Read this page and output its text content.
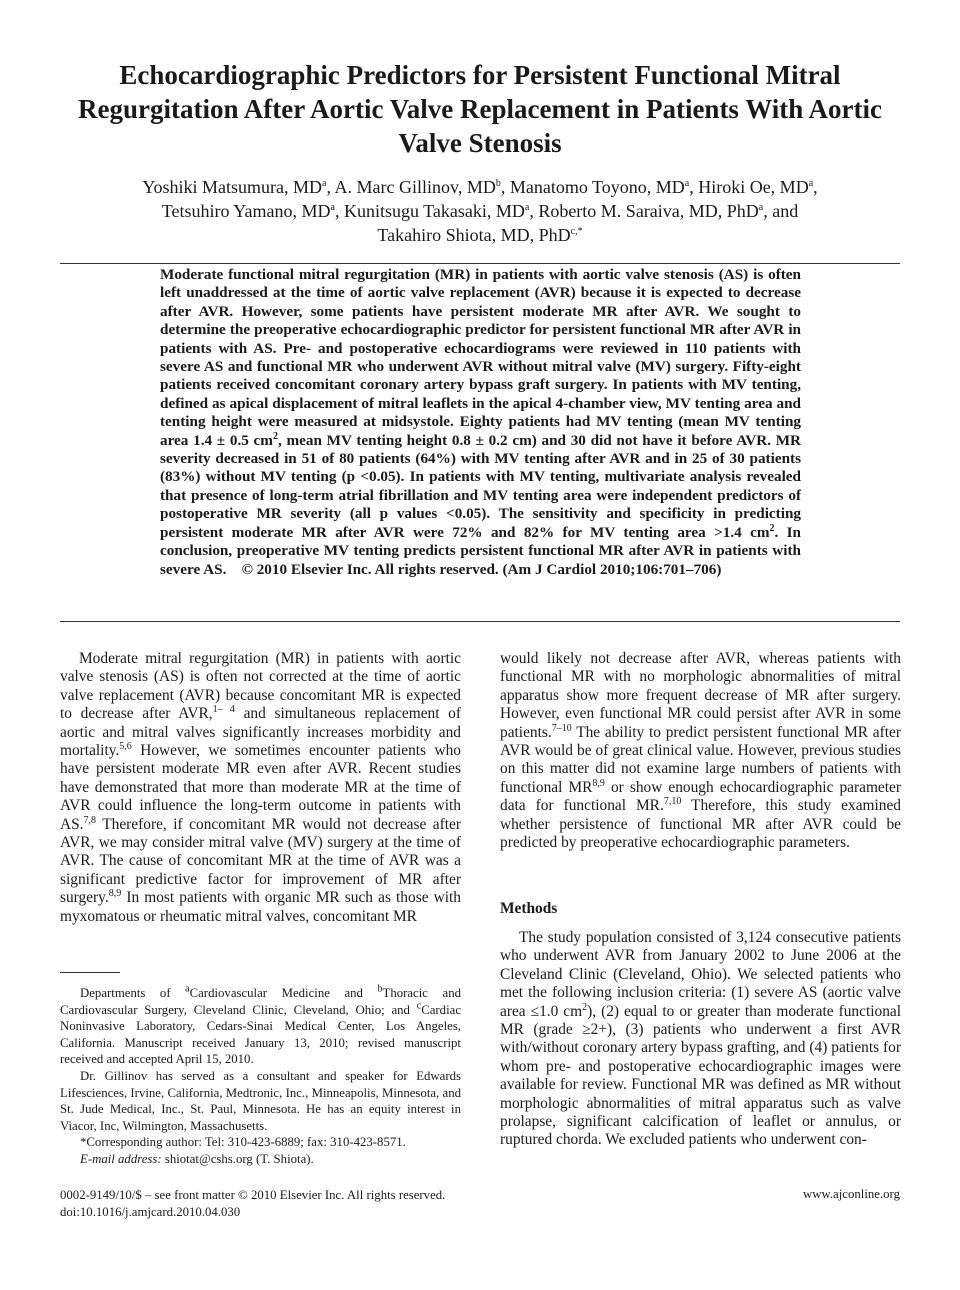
Echocardiographic Predictors for Persistent Functional Mitral Regurgitation After Aortic Valve Replacement in Patients With Aortic Valve Stenosis

Yoshiki Matsumura, $MD^a$, A. Marc Gillinov, $MD^b$, Manatomo Toyono, $MD^a$, Hiroki Oe, $MD^a$,
Tetsuhiro Yamano, $MD^a$, Kunitsugu Takasaki, $MD^a$, Roberto M. Saraiva, MD, PhD$^a$, and
Takahiro Shiota, MD, PhD$^{c,*}$

Moderate functional mitral regurgitation (MR) in patients with aortic valve stenosis (AS) is often left unaddressed at the time of aortic valve replacement (AVR) because it is expected to decrease after AVR. However, some patients have persistent moderate MR after AVR. We sought to determine the preoperative echocardiographic predictor for persistent functional MR after AVR in patients with AS. Pre- and postoperative echocardiograms were reviewed in 110 patients with severe AS and functional MR who underwent AVR without mitral valve (MV) surgery. Fifty-eight patients received concomitant coronary artery bypass graft surgery. In patients with MV tenting, defined as apical displacement of mitral leaflets in the apical 4-chamber view, MV tenting area and tenting height were measured at midsystole. Eighty patients had MV tenting (mean MV tenting area 1.4 ± 0.5 $cm^2$, mean MV tenting height 0.8 ± 0.2 cm) and 30 did not have it before AVR. MR severity decreased in 51 of 80 patients (64%) with MV tenting after AVR and in 25 of 30 patients (83%) without MV tenting (p <0.05). In patients with MV tenting, multivariate analysis revealed that presence of long-term atrial fibrillation and MV tenting area were independent predictors of postoperative MR severity (all p values <0.05). The sensitivity and specificity in predicting persistent moderate MR after AVR were 72% and 82% for MV tenting area >1.4 $cm^2$. In conclusion, preoperative MV tenting predicts persistent functional MR after AVR in patients with severe AS. © 2010 Elsevier Inc. All rights reserved. (Am J Cardiol 2010;106:701–706)

Moderate mitral regurgitation (MR) in patients with aortic valve stenosis (AS) is often not corrected at the time of aortic valve replacement (AVR) because concomitant MR is expected to decrease after AVR,$^{1- 4}$ and simultaneous replacement of aortic and mitral valves significantly increases morbidity and mortality.$^{5,6}$ However, we sometimes encounter patients who have persistent moderate MR even after AVR. Recent studies have demonstrated that more than moderate MR at the time of AVR could influence the long-term outcome in patients with AS.$^{7,8}$ Therefore, if concomitant MR would not decrease after AVR, we may consider mitral valve (MV) surgery at the time of AVR. The cause of concomitant MR at the time of AVR was a significant predictive factor for improvement of MR after surgery.$^{8,9}$ In most patients with organic MR such as those with myxomatous or rheumatic mitral valves, concomitant MR

would likely not decrease after AVR, whereas patients with functional MR with no morphologic abnormalities of mitral apparatus show more frequent decrease of MR after surgery. However, even functional MR could persist after AVR in some patients.$^{7-10}$ The ability to predict persistent functional MR after AVR would be of great clinical value. However, previous studies on this matter did not examine large numbers of patients with functional MR$^{8,9}$ or show enough echocardiographic parameter data for functional MR.$^{7,10}$ Therefore, this study examined whether persistence of functional MR after AVR could be predicted by preoperative echocardiographic parameters.

Methods

The study population consisted of 3,124 consecutive patients who underwent AVR from January 2002 to June 2006 at the Cleveland Clinic (Cleveland, Ohio). We selected patients who met the following inclusion criteria: (1) severe AS (aortic valve area ≤1.0 $cm^2$), (2) equal to or greater than moderate functional MR (grade ≥2+), (3) patients who underwent a first AVR with/without coronary artery bypass grafting, and (4) patients for whom pre- and postoperative echocardiographic images were available for review. Functional MR was defined as MR without morphologic abnormalities of mitral apparatus such as valve prolapse, significant calcification of leaflet or annulus, or ruptured chorda. We excluded patients who underwent con-

Departments of $^a$Cardiovascular Medicine and $^b$Thoracic and Cardiovascular Surgery, Cleveland Clinic, Cleveland, Ohio; and $^c$Cardiac Noninvasive Laboratory, Cedars-Sinai Medical Center, Los Angeles, California. Manuscript received January 13, 2010; revised manuscript received and accepted April 15, 2010.

Dr. Gillinov has served as a consultant and speaker for Edwards Lifesciences, Irvine, California, Medtronic, Inc., Minneapolis, Minnesota, and St. Jude Medical, Inc., St. Paul, Minnesota. He has an equity interest in Viacor, Inc, Wilmington, Massachusetts.

*Corresponding author: Tel: 310-423-6889; fax: 310-423-8571.

E-mail address: shiotat@cshs.org (T. Shiota).

0002-9149/10/$ – see front matter © 2010 Elsevier Inc. All rights reserved.
doi:10.1016/j.amjcard.2010.04.030
www.ajconline.org
